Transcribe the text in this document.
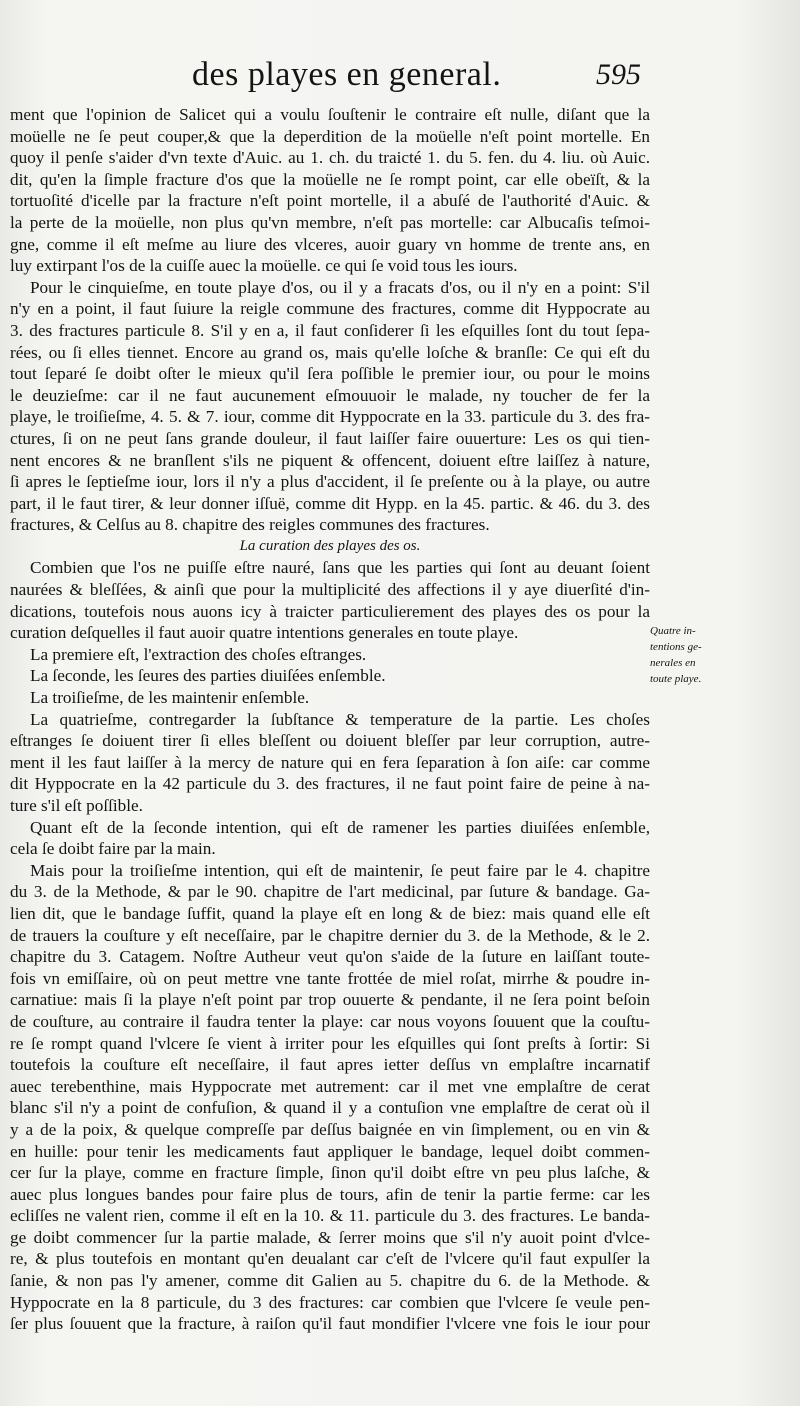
des playes en general.	595
ment que l'opinion de Salicet qui a voulu ſouſtenir le contraire eſt nulle, diſant que la
moüelle ne ſe peut couper,& que la deperdition de la moüelle n'eſt point mortelle. En
quoy il penſe s'aider d'vn texte d'Auic. au 1. ch. du traicté 1. du 5. fen. du 4. liu. où Auic.
dit, qu'en la ſimple fracture d'os que la moüelle ne ſe rompt point, car elle obeïſt, & la
tortuoſité d'icelle par la fracture n'eſt point mortelle, il a abuſé de l'authorité d'Auic. &
la perte de la moüelle, non plus qu'vn membre, n'eſt pas mortelle: car Albucaſis teſmoi-
gne, comme il eſt meſme au liure des vlceres, auoir guary vn homme de trente ans, en
luy extirpant l'os de la cuiſſe auec la moüelle. ce qui ſe void tous les iours.
Pour le cinquieſme, en toute playe d'os, ou il y a fracats d'os, ou il n'y en a point: S'il
n'y en a point, il faut ſuiure la reigle commune des fractures, comme dit Hyppocrate au
3. des fractures particule 8. S'il y en a, il faut conſiderer ſi les eſquilles ſont du tout ſepa-
rées, ou ſi elles tiennet. Encore au grand os, mais qu'elle loſche & branſle: Ce qui eſt du
tout ſeparé ſe doibt oſter le mieux qu'il ſera poſſible le premier iour, ou pour le moins
le deuzieſme: car il ne faut aucunement eſmouuoir le malade, ny toucher de fer la
playe, le troiſieſme, 4. 5. & 7. iour, comme dit Hyppocrate en la 33. particule du 3. des fra-
ctures, ſi on ne peut ſans grande douleur, il faut laiſſer faire ouuerture: Les os qui tien-
nent encores & ne branſlent s'ils ne piquent & offencent, doiuent eſtre laiſſez à nature,
ſi apres le ſeptieſme iour, lors il n'y a plus d'accident, il ſe preſente ou à la playe, ou autre
part, il le faut tirer, & leur donner iſſuë, comme dit Hypp. en la 45. partic. & 46. du 3. des
fractures, & Celſus au 8. chapitre des reigles communes des fractures.
La curation des playes des os.
Combien que l'os ne puiſſe eſtre nauré, ſans que les parties qui ſont au deuant ſoient
naurées & bleſſées, & ainſi que pour la multiplicité des affections il y aye diuerſité d'in-
dications, toutefois nous auons icy à traicter particulierement des playes des os pour la
curation deſquelles il faut auoir quatre intentions generales en toute playe.
La premiere eſt, l'extraction des choſes eſtranges.
La ſeconde, les ſeures des parties diuiſées enſemble.
La troiſieſme, de les maintenir enſemble.
La quatrieſme, contregarder la ſubſtance & temperature de la partie. Les choſes
eſtranges ſe doiuent tirer ſi elles bleſſent ou doiuent bleſſer par leur corruption, autre-
ment il les faut laiſſer à la mercy de nature qui en fera ſeparation à ſon aiſe: car comme
dit Hyppocrate en la 42 particule du 3. des fractures, il ne faut point faire de peine à na-
ture s'il eſt poſſible.
Quant eſt de la ſeconde intention, qui eſt de ramener les parties diuiſées enſemble,
cela ſe doibt faire par la main.
Mais pour la troiſieſme intention, qui eſt de maintenir, ſe peut faire par le 4. chapitre
du 3. de la Methode, & par le 90. chapitre de l'art medicinal, par ſuture & bandage. Ga-
lien dit, que le bandage ſuffit, quand la playe eſt en long & de biez: mais quand elle eſt
de trauers la couſture y eſt neceſſaire, par le chapitre dernier du 3. de la Methode, & le 2.
chapitre du 3. Catagem. Noſtre Autheur veut qu'on s'aide de la ſuture en laiſſant toute-
fois vn emiſſaire, où on peut mettre vne tante frottée de miel roſat, mirrhe & poudre in-
carnatiue: mais ſi la playe n'eſt point par trop ouuerte & pendante, il ne ſera point beſoin
de couſture, au contraire il faudra tenter la playe: car nous voyons ſouuent que la couſtu-
re ſe rompt quand l'vlcere ſe vient à irriter pour les eſquilles qui ſont preſts à ſortir: Si
toutefois la couſture eſt neceſſaire, il faut apres ietter deſſus vn emplaſtre incarnatif
auec terebenthine, mais Hyppocrate met autrement: car il met vne emplaſtre de cerat
blanc s'il n'y a point de confuſion, & quand il y a contuſion vne emplaſtre de cerat où il
y a de la poix, & quelque compreſſe par deſſus baignée en vin ſimplement, ou en vin &
en huille: pour tenir les medicaments faut appliquer le bandage, lequel doibt commen-
cer ſur la playe, comme en fracture ſimple, ſinon qu'il doibt eſtre vn peu plus laſche, &
auec plus longues bandes pour faire plus de tours, afin de tenir la partie ferme: car les
ecliſſes ne valent rien, comme il eſt en la 10. & 11. particule du 3. des fractures. Le banda-
ge doibt commencer ſur la partie malade, & ſerrer moins que s'il n'y auoit point d'vlce-
re, & plus toutefois en montant qu'en deualant car c'eſt de l'vlcere qu'il faut expulſer la
ſanie, & non pas l'y amener, comme dit Galien au 5. chapitre du 6. de la Methode. &
Hyppocrate en la 8 particule, du 3 des fractures: car combien que l'vlcere ſe veule pen-
ſer plus ſouuent que la fracture, à raiſon qu'il faut mondifier l'vlcere vne fois le iour pour
Quatre in-
tentions ge-
nerales en
toute playe.
